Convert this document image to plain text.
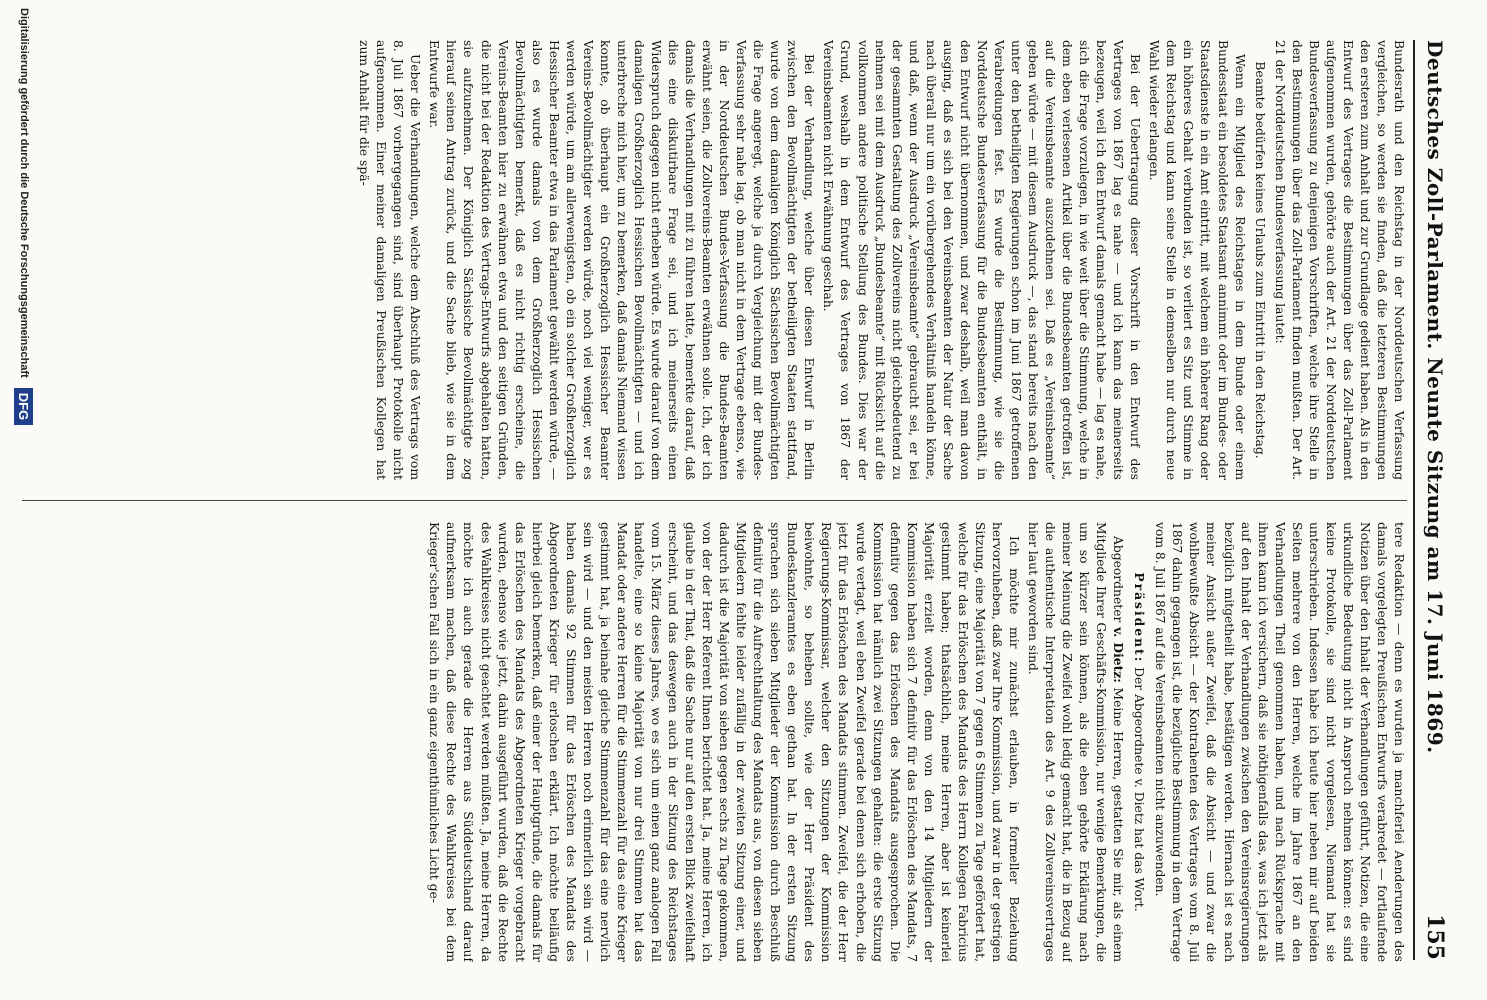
Deutsches Zoll-Parlament. Neunte Sitzung am 17. Juni 1869.
155

Bundesrath und den Reichstag in der Norddeutschen Verfassung vergleichen, so werden sie finden, daß die letzteren Bestimmungen den ersteren zum Anhalt und zur Grundlage gedient haben. Als in den Entwurf des Vertrages die Bestimmungen über das Zoll-Parlament aufgenommen wurden, gehörte auch der Art. 21 der Norddeutschen Bundesverfassung zu denjenigen Vorschriften, welche ihre Stelle in den Bestimmungen über das Zoll-Parlament finden mußten. Der Art. 21 der Norddeutschen Bundesverfassung lautet:

Beamte bedürfen keines Urlaubs zum Eintritt in den Reichstag.

Wenn ein Mitglied des Reichstages in dem Bunde oder einem Bundesstaat ein besoldetes Staatsamt annimmt oder im Bundes- oder Staatsdienste in ein Amt eintritt, mit welchem ein höherer Rang oder ein höheres Gehalt verbunden ist, so verliert es Sitz und Stimme in dem Reichstag und kann seine Stelle in demselben nur durch neue Wahl wieder erlangen.

Bei der Uebertragung dieser Vorschrift in den Entwurf des Vertrages von 1867 lag es nahe — und ich kann das meinerseits bezeugen, weil ich den Entwurf damals gemacht habe — lag es nahe, sich die Frage vorzulegen, in wie weit über die Stimmung, welche in dem eben verlesenen Artikel über die Bundesbeamten getroffen ist, auf die Vereinsbeamte auszudehnen sei. Daß es „Vereinsbeamte“ geben würde — mit diesem Ausdruck —, das stand bereits nach den unter den betheiligten Regierungen schon im Juni 1867 getroffenen Verabredungen fest. Es wurde die Bestimmung, wie sie die Norddeutsche Bundesverfassung für die Bundesbeamten enthält, in den Entwurf nicht übernommen, und zwar deshalb, weil man davon ausging, daß es sich bei den Vereinsbeamten der Natur der Sache nach überall nur um ein vorübergehendes Verhältniß handeln könne, und daß, wenn der Ausdruck „Vereinsbeamte“ gebraucht sei, er bei der gesammten Gestaltung des Zollvereins nicht gleichbedeutend zu nehmen sei mit dem Ausdruck „Bundesbeamte“ mit Rücksicht auf die vollkommen andere politische Stellung des Bundes. Dies war der Grund, weshalb in dem Entwurf des Vertrages von 1867 der Vereinsbeamten nicht Erwähnung geschah.

Bei der Verhandlung, welche über diesen Entwurf in Berlin zwischen den Bevollmächtigten der betheiligten Staaten stattfand, wurde von dem damaligen Königlich Sächsischen Bevollmächtigten die Frage angeregt, welche ja durch Vergleichung mit der Bundes-Verfassung sehr nahe lag, ob man nicht in dem Vertrage ebenso, wie in der Norddeutschen Bundes-Verfassung die Bundes-Beamten erwähnt seien, die Zollvereins-Beamten erwähnen solle. Ich, der ich damals die Verhandlungen mit zu führen hatte, bemerkte darauf, daß dies eine diskutirbare Frage sei, und ich meinerseits einen Widerspruch dagegen nicht erheben würde. Es wurde darauf von dem damaligen Großherzoglich Hessischen Bevollmächtigten — und ich unterbreche mich hier, um zu bemerken, daß damals Niemand wissen konnte, ob überhaupt ein Großherzoglich Hessischer Beamter Vereins-Bevollmächtigter werden würde, noch viel weniger, wer es werden würde, um am allerwenigsten, ob ein solcher Großherzoglich Hessischer Beamter etwa in das Parlament gewählt werden würde, — also es wurde damals von dem Großherzoglich Hessischen Bevollmächtigten bemerkt, daß es nicht richtig erscheine, die Vereins-Beamten hier zu erwähnen etwa und den seitigen Gründen, die nicht bei der Redaktion des Vertrags-Entwurfs abgehalten hatten, sie aufzunehmen. Der Königlich Sächsische Bevollmächtigte zog hierauf seinen Antrag zurück, und die Sache blieb, wie sie in dem Entwurfe war.

Ueber die Verhandlungen, welche dem Abschluß des Vertrags vom 8. Juli 1867 vorhergegangen sind, sind überhaupt Protokolle nicht aufgenommen. Einer meiner damaligen Preußischen Kollegen hat zum Anhalt für die spä-

tere Redaktion — denn es wurden ja manchferlei Aenderungen des damals vorgelegten Preußischen Entwurfs verabredet — fortlaufende Notizen über den Inhalt der Verhandlungen geführt, Notizen, die eine urkundliche Bedeutung nicht in Anspruch nehmen können: es sind keine Protokolle, sie sind nicht vorgelesen, Niemand hat sie unterschrieben. Indessen habe ich heute hier neben mir auf beiden Seiten mehrere von den Herren, welche im Jahre 1867 an den Verhandlungen Theil genommen haben, und nach Rücksprache mit ihnen kann ich versichern, daß sie nöthigenfalls das, was ich jetzt als auf den Inhalt der Verhandlungen zwischen den Vereinsregierungen bezüglich mitgetheilt habe, bestätigen werden. Hiernach ist es nach meiner Ansicht außer Zweifel, daß die Absicht — und zwar die wohlbewußte Absicht — der Kontrahenten des Vertrages vom 8. Juli 1867 dahin gegangen ist, die bezügliche Bestimmung in dem Vertrage vom 8. Juli 1867 auf die Vereinsbeamten nicht anzuwenden.

Präsident: Der Abgeordnete v. Dietz hat das Wort.

Abgeordneter v. Dietz: Meine Herren, gestatten Sie mir, als einem Mitgliede Ihrer Geschäfts-Kommission, nur wenige Bemerkungen, die um so kürzer sein können, als die eben gehörte Erklärung nach meiner Meinung die Zweifel wohl ledig gemacht hat, die in Bezug auf die authentische Interpretation des Art. 9 des Zollvereinsvertrages hier laut geworden sind.

Ich möchte mir zunächst erlauben, in formeller Beziehung hervorzuheben, daß zwar Ihre Kommission, und zwar in der gestrigen Sitzung, eine Majorität von 7 gegen 6 Stimmen zu Tage gefördert hat, welche für das Erlöschen des Mandats des Herrn Kollegen Fabricius gestimmt haben; thatsächlich, meine Herren, aber ist keinerlei Majorität erzielt worden, denn von den 14 Mitgliedern der Kommission haben sich 7 definitiv für das Erlöschen des Mandats, 7 definitiv gegen das Erlöschen des Mandats ausgesprochen. Die Kommission hat nämlich zwei Sitzungen gehalten: die erste Sitzung wurde vertagt, weil eben Zweifel gerade bei denen sich erhoben, die jetzt für das Erlöschen des Mandats stimmen. Zweifel, die der Herr Regierungs-Kommissar, welcher den Sitzungen der Kommission beiwohnte, so beheben sollte, wie der Herr Präsident des Bundeskanzleramtes es eben gethan hat. In der ersten Sitzung sprachen sich sieben Mitglieder der Kommission durch Beschluß definitiv für die Aufrechthaltung des Mandats aus, von diesen sieben Mitgliedern fehlte leider zufällig in der zweiten Sitzung einer, und dadurch ist die Majorität von sieben gegen sechs zu Tage gekommen, von der der Herr Referent Ihnen berichtet hat. Ja, meine Herren, ich glaube in der That, daß die Sache nur auf den ersten Blick zweifelhaft erscheint, und das deswegen auch in der Sitzung des Reichstages vom 15. März dieses Jahres, wo es sich um einen ganz analogen Fall handelte, eine so kleine Majorität von nur drei Stimmen hat das Mandat oder andere Herren für die Stimmenzahl für das eine Krieger gestimmt hat, ja beinahe gleiche Stimmenzahl für das eine nervlich sein wird — und den meisten Herren noch erinnerlich sein wird — haben damals 92 Stimmen für das Erlöschen des Mandats des Abgeordneten Krieger für erloschen erklärt. Ich möchte beiläufig hierbei gleich bemerken, daß einer der Hauptgründe, die damals für das Erlöschen des Mandats des Abgeordneten Krieger vorgebracht wurden, ebenso wie jetzt, dahin ausgeführt wurden, daß die Rechte des Wahlkreises nicht geachtet werden müßten. Ja, meine Herren, da möchte ich auch gerade die Herren aus Süddeutschland darauf aufmerksam machen, daß diese Rechte des Wahlkreises bei dem Krieger'schen Fall sich in ein ganz eigenthümliches Licht ge-

Digitalisierung gefördert durch die Deutsche Forschungsgemeinschaft
DFG
